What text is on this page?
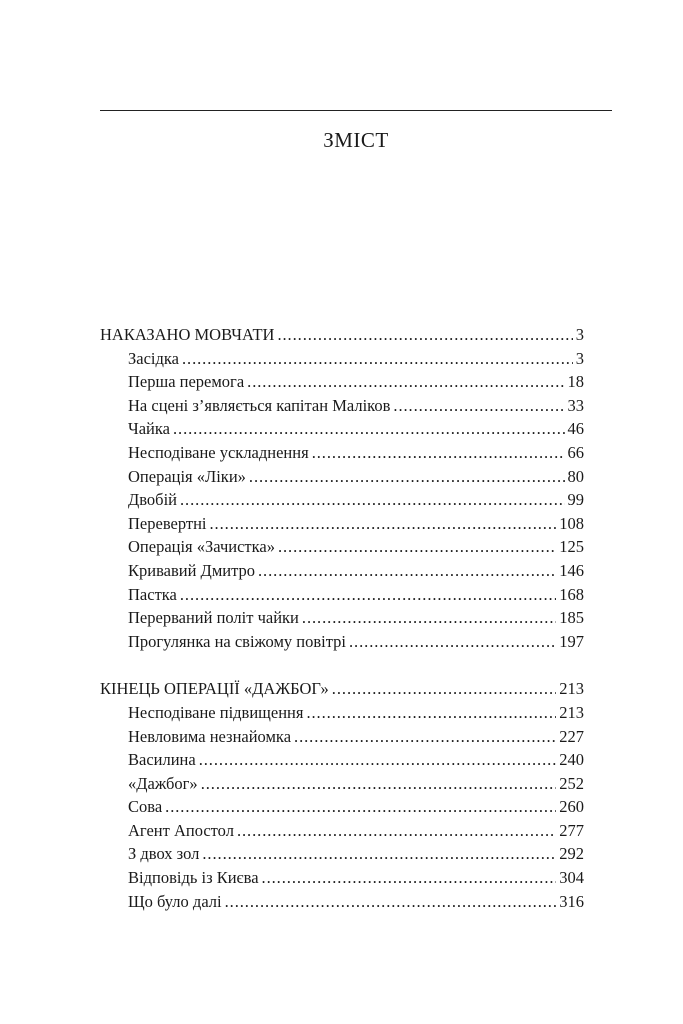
ЗМІСТ
НАКАЗАНО МОВЧАТИ . . .	3
Засідка . . .	3
Перша перемога . . .	18
На сцені з’являється капітан Маліков . . .	33
Чайка . . .	46
Несподіване ускладнення . . .	66
Операція «Ліки» . . .	80
Двобій . . .	99
Перевертні . . .	108
Операція «Зачистка» . . .	125
Кривавий Дмитро . . .	146
Пастка . . .	168
Перерваний політ чайки . . .	185
Прогулянка на свіжому повітрі . . .	197
КІНЕЦЬ ОПЕРАЦІЇ «ДАЖБОГ» . . .	213
Несподіване підвищення . . .	213
Невловима незнайомка . . .	227
Василина . . .	240
«Дажбог» . . .	252
Сова . . .	260
Агент Апостол . . .	277
З двох зол . . .	292
Відповідь із Києва . . .	304
Що було далі . . .	316
